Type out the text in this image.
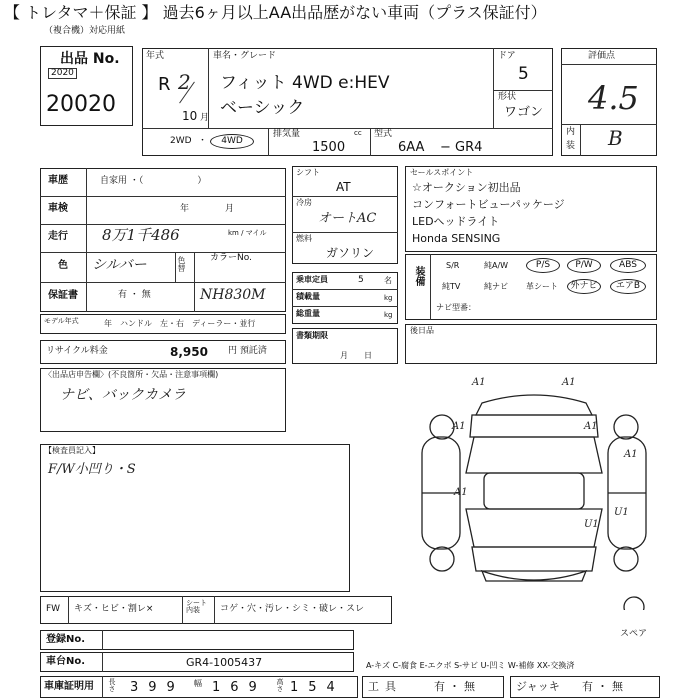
【 トレタマ＋保証 】 過去6ヶ月以上AA出品歴がない車両（プラス保証付）
（複合機）対応用紙
出品 No.
2020
20020
年式
R 2
10 月
車名・グレード
フィット 4WD e:HEV
ベーシック
ドア
5
形状
ワゴン
2WD ・	4WD
排気量	cc
1500
型式
6AA − GR4
評価点
4.5
内
装 B
車歴	自家用 ・（　　　　　　）
車検	年　　　　月
走行 8万1千486	km / マイル
色 シルバー	色替	カラーNo.
保証書	有 ・ 無	NH830M
モデル年式	年　ハンドル　左・右　ディーラー・並行
リサイクル料金	8,950 円 預託済
シフト
AT
冷房
オートAC
燃料
ガソリン
乗車定員	5	名
積載量	kg
総重量	kg
書類期限
月　　日
セールスポイント
☆オークション初出品
コンフォートビューパッケージ
LEDヘッドライト
Honda SENSING
装備
S/R	純A/W	P/S	P/W	ABS
純TV	純ナビ 革シート	外ナビ	エアB
ナビ型番：
後日品
〈出品店申告欄〉(不良箇所・欠品・注意事項欄)
ナビ、バックカメラ
【検査員記入】
F/W小凹り・S
A1	A1
A1	A1
A1
U1
U1
A1
スペア
FW キズ・ヒビ・割レ×
シート内装	コゲ・穴・汚レ・シミ・破レ・スレ
登録No.
車台No.	GR4-1005437
車庫証明用 長さ 399 幅 169 高さ 154
A-キズ C-腐食 E-エクボ S-サビ U-凹ミ W-補修 XX-交換済
工具	有・無	ジャッキ 有・無
